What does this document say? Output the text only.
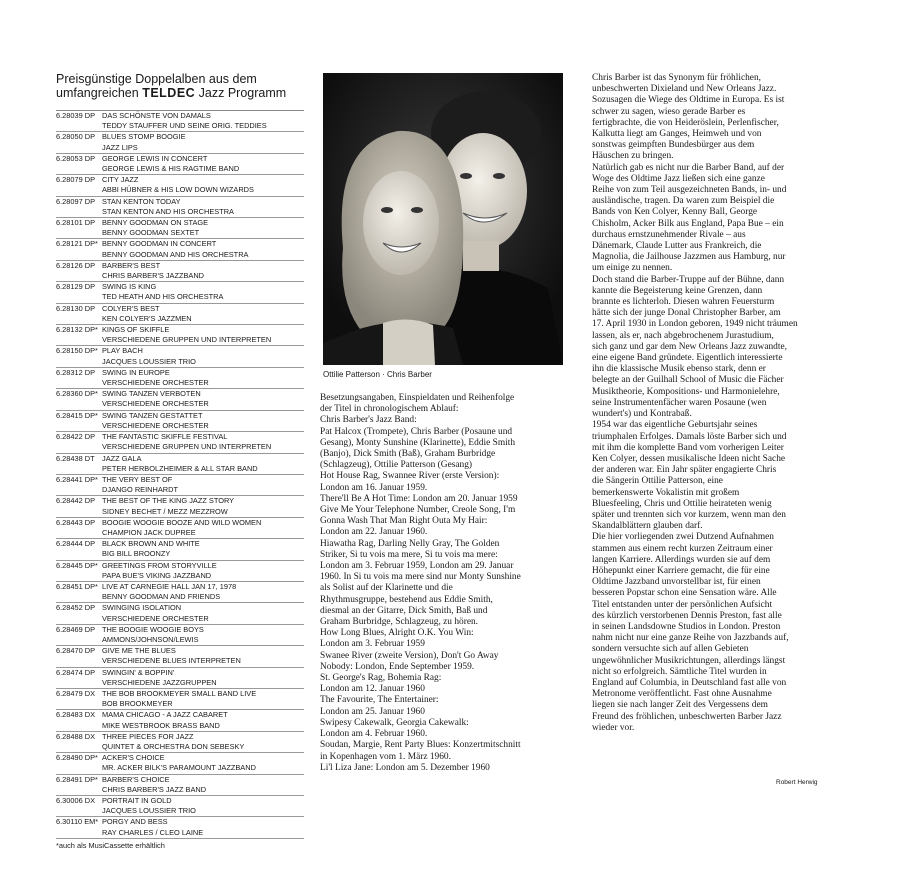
Preisgünstige Doppelalben aus dem
umfangreichen TELDEC Jazz Programm

6.28039 DP DAS SCHÖNSTE VON DAMALS
TEDDY STAUFFER UND SEINE ORIG. TEDDIES
6.28050 DP BLUES STOMP BOOGIE
JAZZ LIPS
6.28053 DP GEORGE LEWIS IN CONCERT
GEORGE LEWIS & HIS RAGTIME BAND
6.28079 DP CITY JAZZ
ABBI HÜBNER & HIS LOW DOWN WIZARDS
6.28097 DP STAN KENTON TODAY
STAN KENTON AND HIS ORCHESTRA
6.28101 DP BENNY GOODMAN ON STAGE
BENNY GOODMAN SEXTET
6.28121 DP* BENNY GOODMAN IN CONCERT
BENNY GOODMAN AND HIS ORCHESTRA
6.28126 DP BARBER'S BEST
CHRIS BARBER'S JAZZBAND
6.28129 DP SWING IS KING
TED HEATH AND HIS ORCHESTRA
6.28130 DP COLYER'S BEST
KEN COLYER'S JAZZMEN
6.28132 DP* KINGS OF SKIFFLE
VERSCHIEDENE GRUPPEN UND INTERPRETEN
6.28150 DP* PLAY BACH
JACQUES LOUSSIER TRIO
6.28312 DP SWING IN EUROPE
VERSCHIEDENE ORCHESTER
6.28360 DP* SWING TANZEN VERBOTEN
VERSCHIEDENE ORCHESTER
6.28415 DP* SWING TANZEN GESTATTET
VERSCHIEDENE ORCHESTER
6.28422 DP THE FANTASTIC SKIFFLE FESTIVAL
VERSCHIEDENE GRUPPEN UND INTERPRETEN
6.28438 DT JAZZ GALA
PETER HERBOLZHEIMER & ALL STAR BAND
6.28441 DP* THE VERY BEST OF
DJANGO REINHARDT
6.28442 DP THE BEST OF THE KING JAZZ STORY
SIDNEY BECHET / MEZZ MEZZROW
6.28443 DP BOOGIE WOOGIE BOOZE AND WILD WOMEN
CHAMPION JACK DUPREE
6.28444 DP BLACK BROWN AND WHITE
BIG BILL BROONZY
6.28445 DP* GREETINGS FROM STORYVILLE
PAPA BUE'S VIKING JAZZBAND
6.28451 DP* LIVE AT CARNEGIE HALL JAN 17, 1978
BENNY GOODMAN AND FRIENDS
6.28452 DP SWINGING ISOLATION
VERSCHIEDENE ORCHESTER
6.28469 DP THE BOOGIE WOOGIE BOYS
AMMONS/JOHNSON/LEWIS
6.28470 DP GIVE ME THE BLUES
VERSCHIEDENE BLUES INTERPRETEN
6.28474 DP SWINGIN' & BOPPIN'
VERSCHIEDENE JAZZGRUPPEN
6.28479 DX THE BOB BROOKMEYER SMALL BAND LIVE
BOB BROOKMEYER
6.28483 DX MAMA CHICAGO - A JAZZ CABARET
MIKE WESTBROOK BRASS BAND
6.28488 DX THREE PIECES FOR JAZZ
QUINTET & ORCHESTRA DON SEBESKY
6.28490 DP* ACKER'S CHOICE
MR. ACKER BILK'S PARAMOUNT JAZZBAND
6.28491 DP* BARBER'S CHOICE
CHRIS BARBER'S JAZZ BAND
6.30006 DX PORTRAIT IN GOLD
JACQUES LOUSSIER TRIO
6.30110 EM* PORGY AND BESS
RAY CHARLES / CLEO LAINE
*auch als MusiCassette erhältlich
Ottilie Patterson · Chris Barber

Besetzungsangaben, Einspieldaten und Reihenfolge

der Titel in chronologischem Ablauf:

Chris Barber's Jazz Band:

Pat Halcox (Trompete), Chris Barber (Posaune und

Gesang), Monty Sunshine (Klarinette), Eddie Smith

(Banjo), Dick Smith (Baß), Graham Burbridge

(Schlagzeug), Ottilie Patterson (Gesang)

Hot House Rag, Swannee River (erste Version):

London am 16. Januar 1959.

There'll Be A Hot Time: London am 20. Januar 1959

Give Me Your Telephone Number, Creole Song, I'm

Gonna Wash That Man Right Outa My Hair:

London am 22. Januar 1960.

Hiawatha Rag, Darling Nelly Gray, The Golden

Striker, Si tu vois ma mere, Si tu vois ma mere:

London am 3. Februar 1959, London am 29. Januar

1960. In Si tu vois ma mere sind nur Monty Sunshine

als Solist auf der Klarinette und die

Rhythmusgruppe, bestehend aus Eddie Smith,

diesmal an der Gitarre, Dick Smith, Baß und

Graham Burbridge, Schlagzeug, zu hören.

How Long Blues, Alright O.K. You Win:

London am 3. Februar 1959

Swanee River (zweite Version), Don't Go Away

Nobody: London, Ende September 1959.

St. George's Rag, Bohemia Rag:

London am 12. Januar 1960

The Favourite, The Entertainer:

London am 25. Januar 1960

Swipesy Cakewalk, Georgia Cakewalk:

London am 4. Februar 1960.

Soudan, Margie, Rent Party Blues: Konzertmitschnitt

in Kopenhagen vom 1. März 1960.

Li'l Liza Jane: London am 5. Dezember 1960

Chris Barber ist das Synonym für fröhlichen,

unbeschwerten Dixieland und New Orleans Jazz.

Sozusagen die Wiege des Oldtime in Europa. Es ist

schwer zu sagen, wieso gerade Barber es

fertigbrachte, die von Heideröslein, Perlenfischer,

Kalkutta liegt am Ganges, Heimweh und von

sonstwas geimpften Bundesbürger aus dem

Häuschen zu bringen.

Natürlich gab es nicht nur die Barber Band, auf der

Woge des Oldtime Jazz ließen sich eine ganze

Reihe von zum Teil ausgezeichneten Bands, in- und

ausländische, tragen. Da waren zum Beispiel die

Bands von Ken Colyer, Kenny Ball, George

Chisholm, Acker Bilk aus England, Papa Bue – ein

durchaus ernstzunehmender Rivale – aus

Dänemark, Claude Lutter aus Frankreich, die

Magnolia, die Jailhouse Jazzmen aus Hamburg, nur

um einige zu nennen.

Doch stand die Barber-Truppe auf der Bühne, dann

kannte die Begeisterung keine Grenzen, dann

brannte es lichterloh. Diesen wahren Feuersturm

hätte sich der junge Donal Christopher Barber, am

17. April 1930 in London geboren, 1949 nicht träumen

lassen, als er, nach abgebrochenem Jurastudium,

sich ganz und gar dem New Orleans Jazz zuwandte,

eine eigene Band gründete. Eigentlich interessierte

ihn die klassische Musik ebenso stark, denn er

belegte an der Guilhall School of Music die Fächer

Musiktheorie, Kompositions- und Harmonielehre,

seine Instrumentenfächer waren Posaune (wen

wundert's) und Kontrabaß.

1954 war das eigentliche Geburtsjahr seines

triumphalen Erfolges. Damals löste Barber sich und

mit ihm die komplette Band vom vorherigen Leiter

Ken Colyer, dessen musikalische Ideen nicht Sache

der anderen war. Ein Jahr später engagierte Chris

die Sängerin Ottilie Patterson, eine

bemerkenswerte Vokalistin mit großem

Bluesfeeling, Chris und Ottilie heirateten wenig

später und trennten sich vor kurzem, wenn man den

Skandalblättern glauben darf.

Die hier vorliegenden zwei Dutzend Aufnahmen

stammen aus einem recht kurzen Zeitraum einer

langen Karriere. Allerdings wurden sie auf dem

Höhepunkt einer Karriere gemacht, die für eine

Oldtime Jazzband unvorstellbar ist, für einen

besseren Popstar schon eine Sensation wäre. Alle

Titel entstanden unter der persönlichen Aufsicht

des kürzlich verstorbenen Dennis Preston, fast alle

in seinen Landsdowne Studios in London. Preston

nahm nicht nur eine ganze Reihe von Jazzbands auf,

sondern versuchte sich auf allen Gebieten

ungewöhnlicher Musikrichtungen, allerdings längst

nicht so erfolgreich. Sämtliche Titel wurden in

England auf Columbia, in Deutschland fast alle von

Metronome veröffentlicht. Fast ohne Ausnahme

liegen sie nach langer Zeit des Vergessens dem

Freund des fröhlichen, unbeschwerten Barber Jazz

wieder vor.

Robert Herwig
